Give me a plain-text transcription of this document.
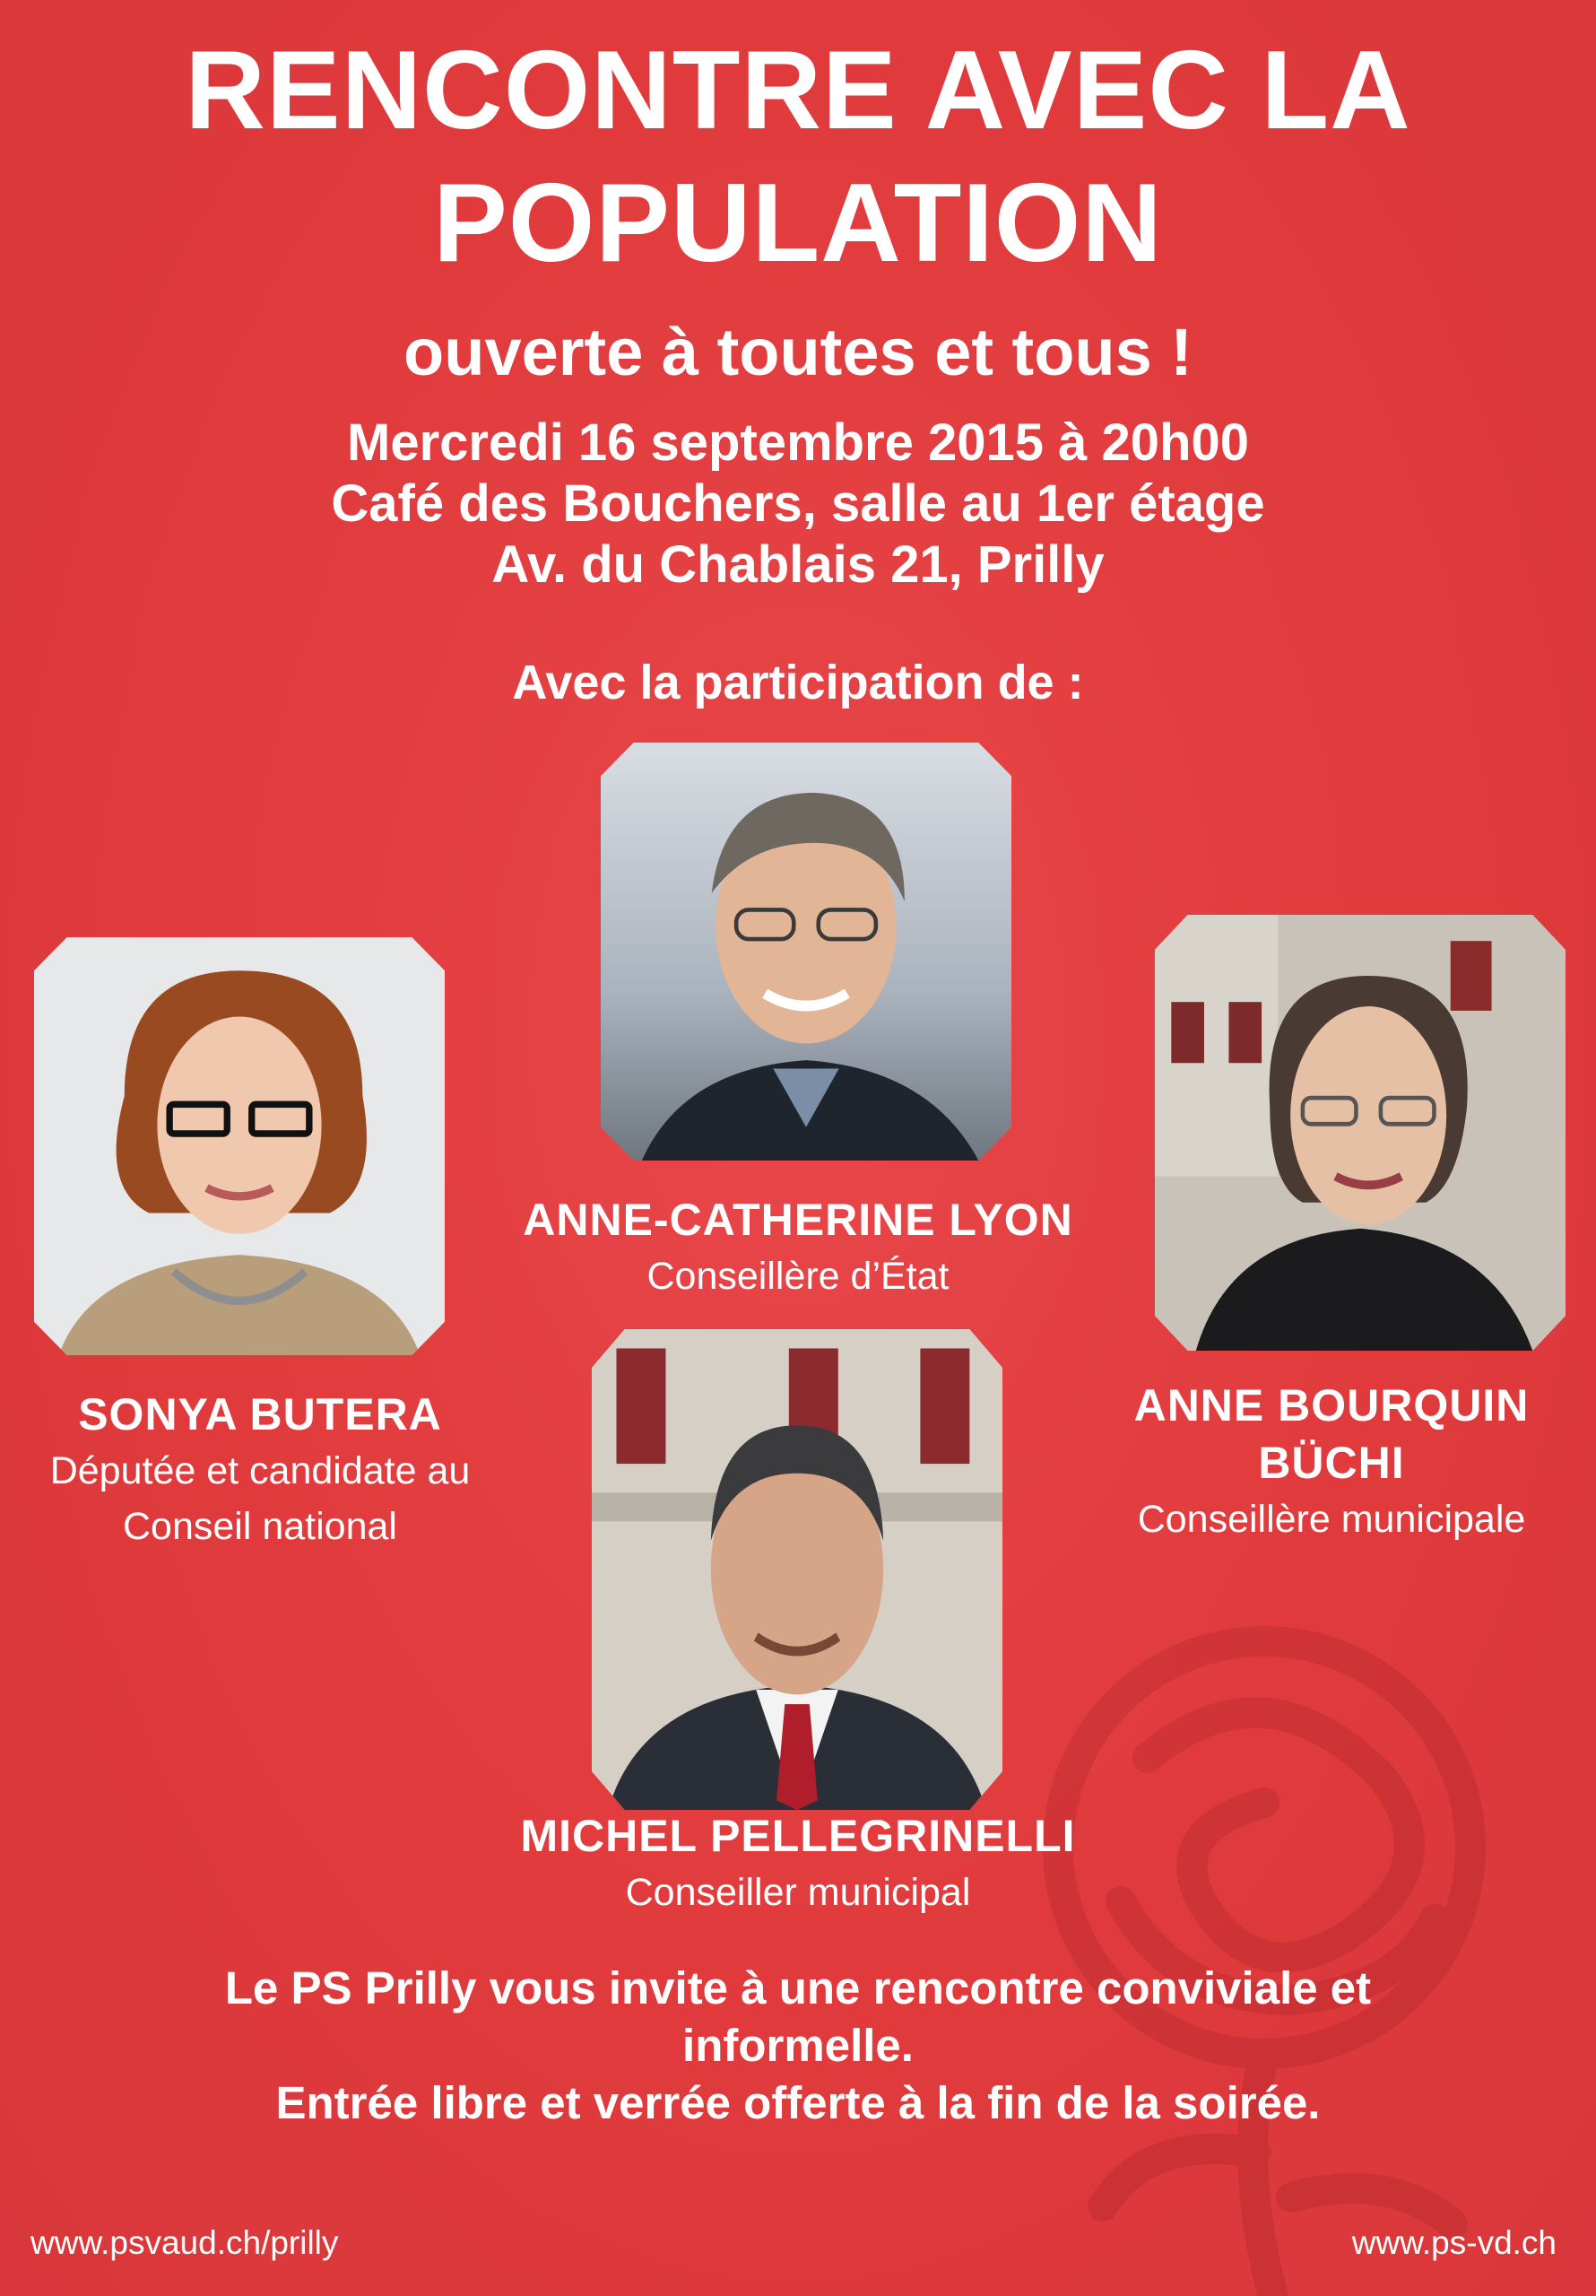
RENCONTRE AVEC LA
POPULATION
ouverte à toutes et tous !
Mercredi 16 septembre 2015 à 20h00
Café des Bouchers, salle au 1er étage
Av. du Chablais 21, Prilly
Avec la participation de :
ANNE-CATHERINE LYON
Conseillère d’État
SONYA BUTERA
Députée et candidate au
Conseil national
ANNE BOURQUIN
BÜCHI
Conseillère municipale
MICHEL PELLEGRINELLI
Conseiller municipal
Le PS Prilly vous invite à une rencontre conviviale et
informelle.
Entrée libre et verrée offerte à la fin de la soirée.
www.psvaud.ch/prilly	www.ps-vd.ch
